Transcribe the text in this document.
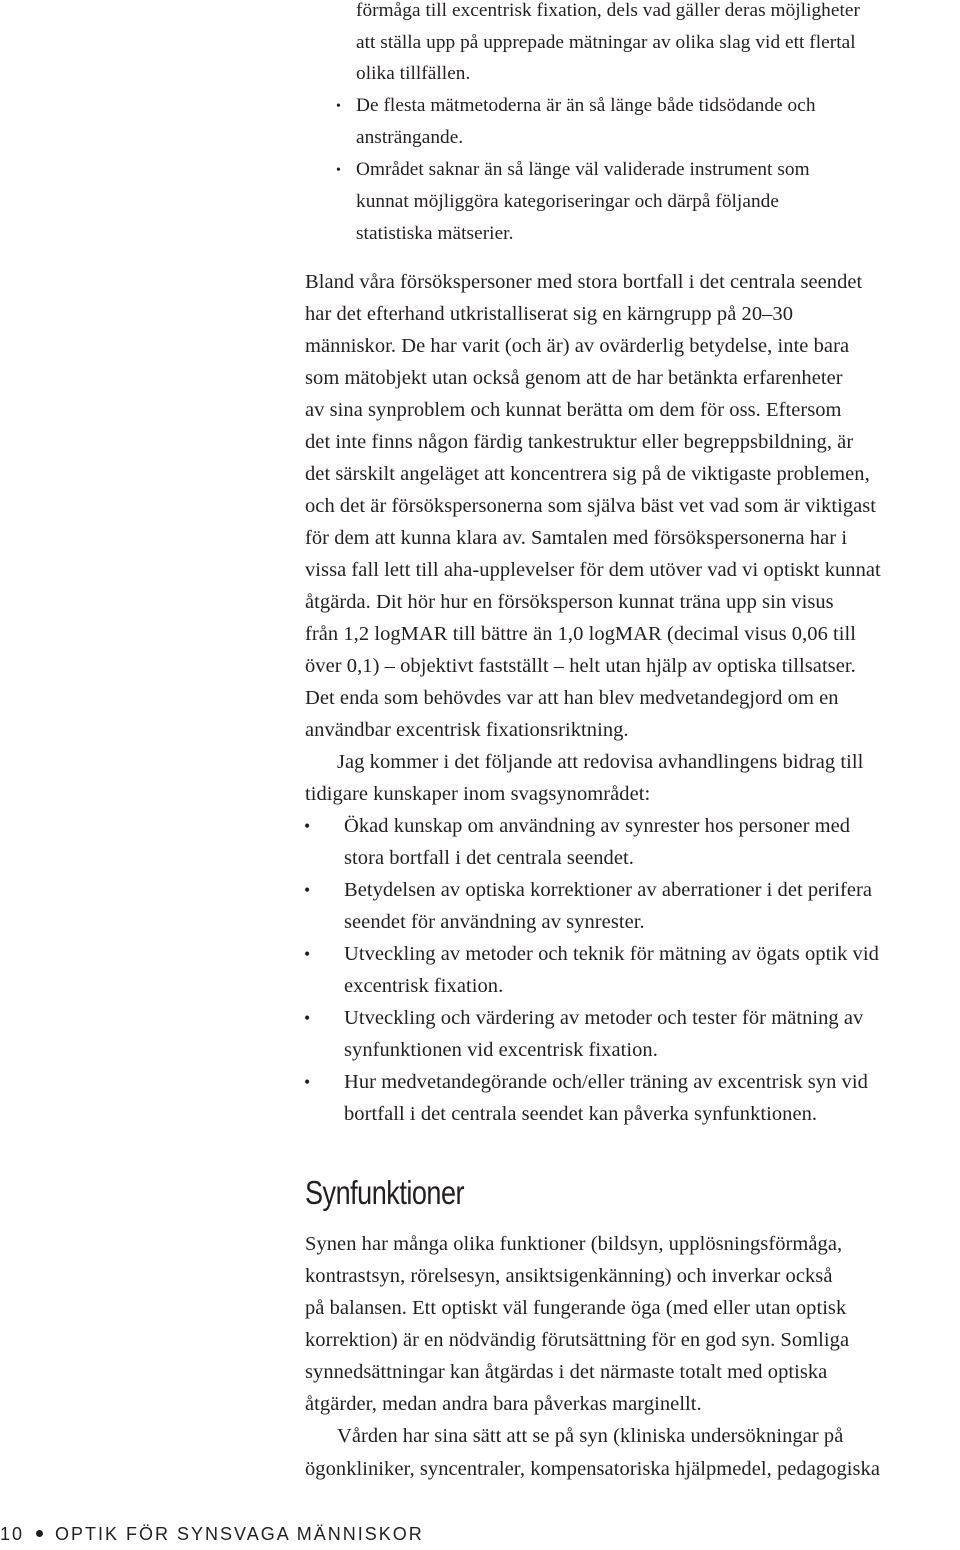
förmåga till excentrisk fixation, dels vad gäller deras möjligheter
att ställa upp på upprepade mätningar av olika slag vid ett flertal
olika tillfällen.
• De flesta mätmetoderna är än så länge både tidsödande och
ansträngande.
• Området saknar än så länge väl validerade instrument som
kunnat möjliggöra kategoriseringar och därpå följande
statistiska mätserier.
Bland våra försökspersoner med stora bortfall i det centrala seendet
har det efterhand utkristalliserat sig en kärngrupp på 20–30
människor. De har varit (och är) av ovärderlig betydelse, inte bara
som mätobjekt utan också genom att de har betänkta erfarenheter
av sina synproblem och kunnat berätta om dem för oss. Eftersom
det inte finns någon färdig tankestruktur eller begreppsbildning, är
det särskilt angeläget att koncentrera sig på de viktigaste problemen,
och det är försökspersonerna som själva bäst vet vad som är viktigast
för dem att kunna klara av. Samtalen med försökspersonerna har i
vissa fall lett till aha-upplevelser för dem utöver vad vi optiskt kunnat
åtgärda. Dit hör hur en försöksperson kunnat träna upp sin visus
från 1,2 logMAR till bättre än 1,0 logMAR (decimal visus 0,06 till
över 0,1) – objektivt fastställt – helt utan hjälp av optiska tillsatser.
Det enda som behövdes var att han blev medvetandegjord om en
användbar excentrisk fixationsriktning.
Jag kommer i det följande att redovisa avhandlingens bidrag till
tidigare kunskaper inom svagsynområdet:
• Ökad kunskap om användning av synrester hos personer med
stora bortfall i det centrala seendet.
• Betydelsen av optiska korrektioner av aberrationer i det perifera
seendet för användning av synrester.
• Utveckling av metoder och teknik för mätning av ögats optik vid
excentrisk fixation.
• Utveckling och värdering av metoder och tester för mätning av
synfunktionen vid excentrisk fixation.
• Hur medvetandegörande och/eller träning av excentrisk syn vid
bortfall i det centrala seendet kan påverka synfunktionen.
Synfunktioner
Synen har många olika funktioner (bildsyn, upplösningsförmåga,
kontrastsyn, rörelsesyn, ansiktsigenkänning) och inverkar också
på balansen. Ett optiskt väl fungerande öga (med eller utan optisk
korrektion) är en nödvändig förutsättning för en god syn. Somliga
synnedsättningar kan åtgärdas i det närmaste totalt med optiska
åtgärder, medan andra bara påverkas marginellt.
Vården har sina sätt att se på syn (kliniska undersökningar på
ögonkliniker, syncentraler, kompensatoriska hjälpmedel, pedagogiska
10 OPTIK FÖR SYNSVAGA MÄNNISKOR
